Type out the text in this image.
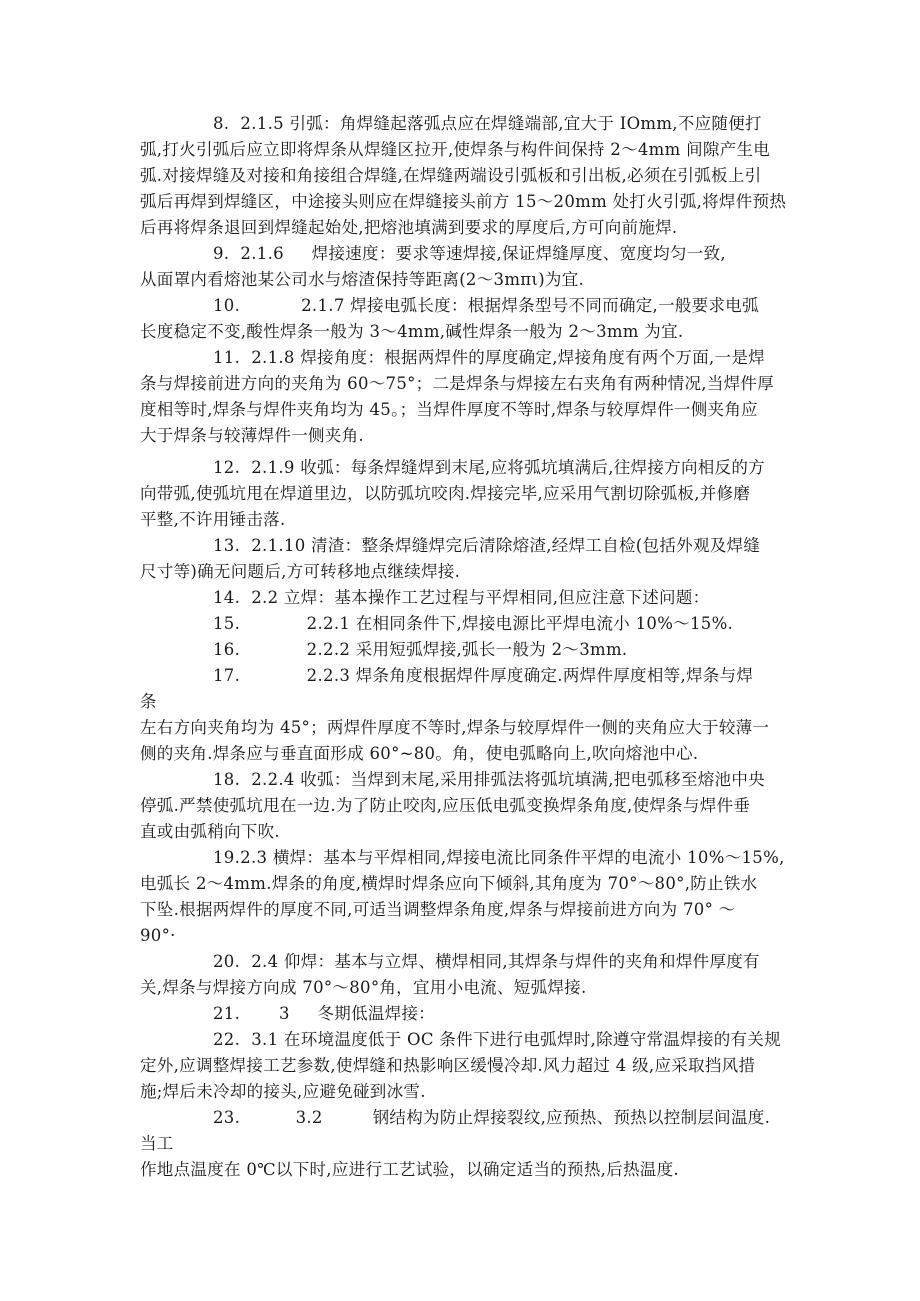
8.  2.1.5 引弧：角焊缝起落弧点应在焊缝端部,宜大于 IOmm,不应随便打
弧,打火引弧后应立即将焊条从焊缝区拉开,使焊条与构件间保持 2～4mm 间隙产生电
弧.对接焊缝及对接和角接组合焊缝,在焊缝两端设引弧板和引出板,必须在引弧板上引
弧后再焊到焊缝区，中途接头则应在焊缝接头前方 15～20mm 处打火引弧,将焊件预热
后再将焊条退回到焊缝起始处,把熔池填满到要求的厚度后,方可向前施焊.
9.  2.1.6     焊接速度：要求等速焊接,保证焊缝厚度、宽度均匀一致,
从面罩内看熔池某公司水与熔渣保持等距离(2～3mπι)为宜.
10.           2.1.7 焊接电弧长度：根据焊条型号不同而确定,一般要求电弧
长度稳定不变,酸性焊条一般为 3～4mm,碱性焊条一般为 2～3mm 为宜.
11.  2.1.8 焊接角度：根据两焊件的厚度确定,焊接角度有两个万面,一是焊
条与焊接前进方向的夹角为 60～75°；二是焊条与焊接左右夹角有两种情况,当焊件厚
度相等时,焊条与焊件夹角均为 45。；当焊件厚度不等时,焊条与较厚焊件一侧夹角应
大于焊条与较薄焊件一侧夹角.
12.  2.1.9 收弧：每条焊缝焊到末尾,应将弧坑填满后,往焊接方向相反的方
向带弧,使弧坑甩在焊道里边，以防弧坑咬肉.焊接完毕,应采用气割切除弧板,并修磨
平整,不许用锤击落.
13.  2.1.10 清渣：整条焊缝焊完后清除熔渣,经焊工自检(包括外观及焊缝
尺寸等)确无问题后,方可转移地点继续焊接.
14.  2.2 立焊：基本操作工艺过程与平焊相同,但应注意下述问题：
15.            2.2.1 在相同条件下,焊接电源比平焊电流小 10%～15%.
16.            2.2.2 采用短弧焊接,弧长一般为 2～3mm.
17.            2.2.3 焊条角度根据焊件厚度确定.两焊件厚度相等,焊条与焊
条
左右方向夹角均为 45°；两焊件厚度不等时,焊条与较厚焊件一侧的夹角应大于较薄一
侧的夹角.焊条应与垂直面形成 60°~80。角，使电弧略向上,吹向熔池中心.
18.  2.2.4 收弧：当焊到末尾,采用排弧法将弧坑填满,把电弧移至熔池中央
停弧.严禁使弧坑甩在一边.为了防止咬肉,应压低电弧变换焊条角度,使焊条与焊件垂
直或由弧稍向下吹.
19.2.3 横焊：基本与平焊相同,焊接电流比同条件平焊的电流小 10%～15%,
电弧长 2～4mm.焊条的角度,横焊时焊条应向下倾斜,其角度为 70°～80°,防止铁水
下坠.根据两焊件的厚度不同,可适当调整焊条角度,焊条与焊接前进方向为 70° ～
90°·
20.  2.4 仰焊：基本与立焊、横焊相同,其焊条与焊件的夹角和焊件厚度有
关,焊条与焊接方向成 70°～80°角，宜用小电流、短弧焊接.
21.       3     冬期低温焊接：
22.  3.1 在环境温度低于 OC 条件下进行电弧焊时,除遵守常温焊接的有关规
定外,应调整焊接工艺参数,使焊缝和热影响区缓慢冷却.风力超过 4 级,应采取挡风措
施;焊后未冷却的接头,应避免碰到冰雪.
23.          3.2         钢结构为防止焊接裂纹,应预热、预热以控制层间温度.
当工
作地点温度在 0℃以下时,应进行工艺试验，以确定适当的预热,后热温度.
